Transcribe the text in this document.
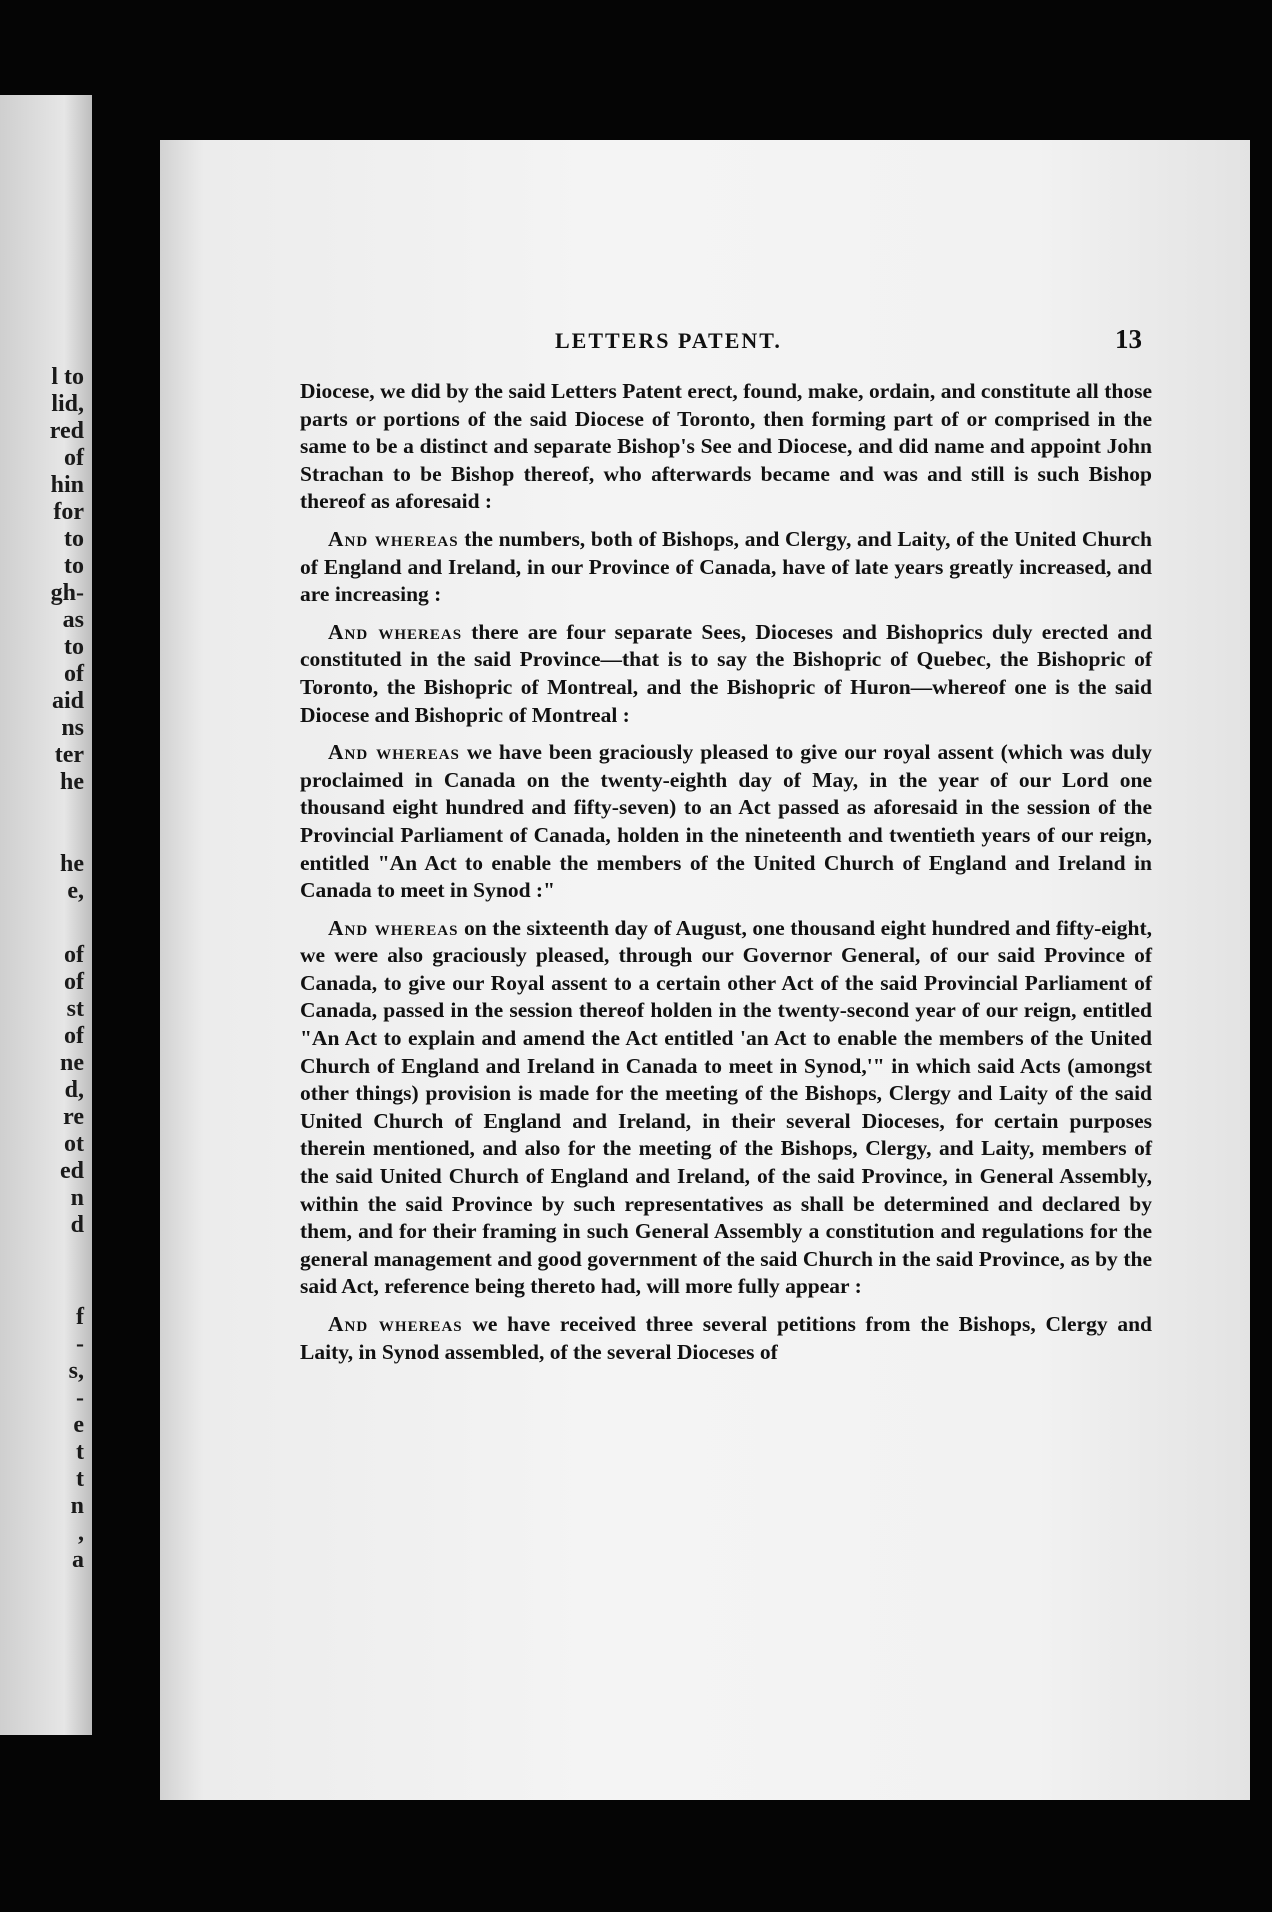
l to
lid,
red
of
hin
for
to
to
gh-
as
to
of
aid
ns
ter
he
he
e,
of
of
st
of
ne
d,
re
ot
ed
n
d
f
-
s,
-
e
t
t
n
,
a
LETTERS PATENT.	13

Diocese, we did by the said Letters Patent erect, found, make, ordain, and constitute all those parts or portions of the said Diocese of Toronto, then forming part of or comprised in the same to be a distinct and separate Bishop's See and Diocese, and did name and appoint John Strachan to be Bishop thereof, who afterwards became and was and still is such Bishop thereof as aforesaid :

And whereas the numbers, both of Bishops, and Clergy, and Laity, of the United Church of England and Ireland, in our Province of Canada, have of late years greatly increased, and are increasing :

And whereas there are four separate Sees, Dioceses and Bishoprics duly erected and constituted in the said Province—that is to say the Bishopric of Quebec, the Bishopric of Toronto, the Bishopric of Montreal, and the Bishopric of Huron—whereof one is the said Diocese and Bishopric of Montreal :

And whereas we have been graciously pleased to give our royal assent (which was duly proclaimed in Canada on the twenty-eighth day of May, in the year of our Lord one thousand eight hundred and fifty-seven) to an Act passed as aforesaid in the session of the Provincial Parliament of Canada, holden in the nineteenth and twentieth years of our reign, entitled "An Act to enable the members of the United Church of England and Ireland in Canada to meet in Synod :"

And whereas on the sixteenth day of August, one thousand eight hundred and fifty-eight, we were also graciously pleased, through our Governor General, of our said Province of Canada, to give our Royal assent to a certain other Act of the said Provincial Parliament of Canada, passed in the session thereof holden in the twenty-second year of our reign, entitled "An Act to explain and amend the Act entitled 'an Act to enable the members of the United Church of England and Ireland in Canada to meet in Synod,'" in which said Acts (amongst other things) provision is made for the meeting of the Bishops, Clergy and Laity of the said United Church of England and Ireland, in their several Dioceses, for certain purposes therein mentioned, and also for the meeting of the Bishops, Clergy, and Laity, members of the said United Church of England and Ireland, of the said Province, in General Assembly, within the said Province by such representatives as shall be determined and declared by them, and for their framing in such General Assembly a constitution and regulations for the general management and good government of the said Church in the said Province, as by the said Act, reference being thereto had, will more fully appear :

And whereas we have received three several petitions from the Bishops, Clergy and Laity, in Synod assembled, of the several Dioceses of
